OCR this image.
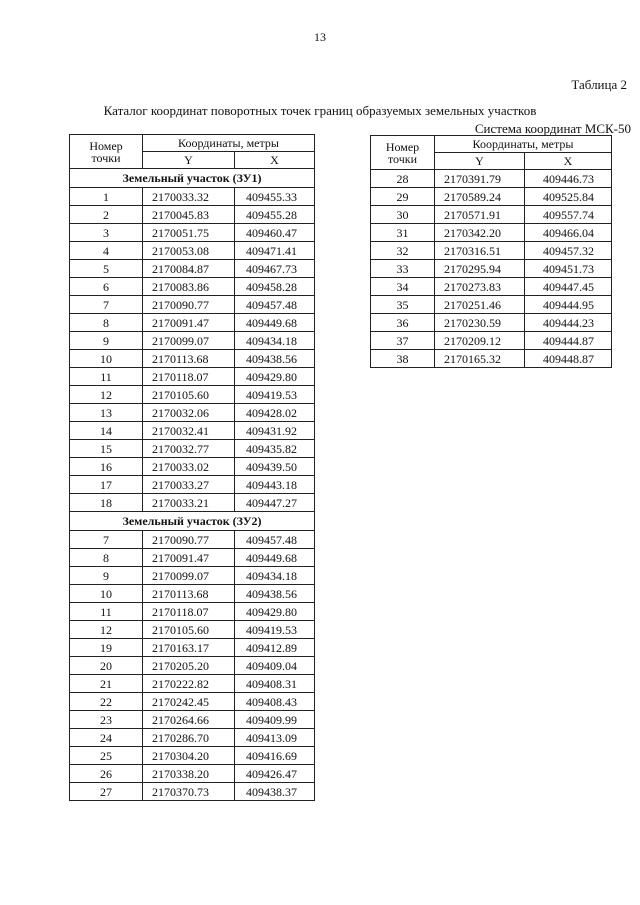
13
Таблица 2
Каталог координат поворотных точек границ образуемых земельных участков
Система координат МСК-50
Номер
точки	Координаты, метры	
	Y	X
Земельный участок (ЗУ1)		
1	2170033.32	409455.33
2	2170045.83	409455.28
3	2170051.75	409460.47
4	2170053.08	409471.41
5	2170084.87	409467.73
6	2170083.86	409458.28
7	2170090.77	409457.48
8	2170091.47	409449.68
9	2170099.07	409434.18
10	2170113.68	409438.56
11	2170118.07	409429.80
12	2170105.60	409419.53
13	2170032.06	409428.02
14	2170032.41	409431.92
15	2170032.77	409435.82
16	2170033.02	409439.50
17	2170033.27	409443.18
18	2170033.21	409447.27
Земельный участок (ЗУ2)		
7	2170090.77	409457.48
8	2170091.47	409449.68
9	2170099.07	409434.18
10	2170113.68	409438.56
11	2170118.07	409429.80
12	2170105.60	409419.53
19	2170163.17	409412.89
20	2170205.20	409409.04
21	2170222.82	409408.31
22	2170242.45	409408.43
23	2170264.66	409409.99
24	2170286.70	409413.09
25	2170304.20	409416.69
26	2170338.20	409426.47
27	2170370.73	409438.37
Номер
точки	Координаты, метры	
	Y	X
28	2170391.79	409446.73
29	2170589.24	409525.84
30	2170571.91	409557.74
31	2170342.20	409466.04
32	2170316.51	409457.32
33	2170295.94	409451.73
34	2170273.83	409447.45
35	2170251.46	409444.95
36	2170230.59	409444.23
37	2170209.12	409444.87
38	2170165.32	409448.87
